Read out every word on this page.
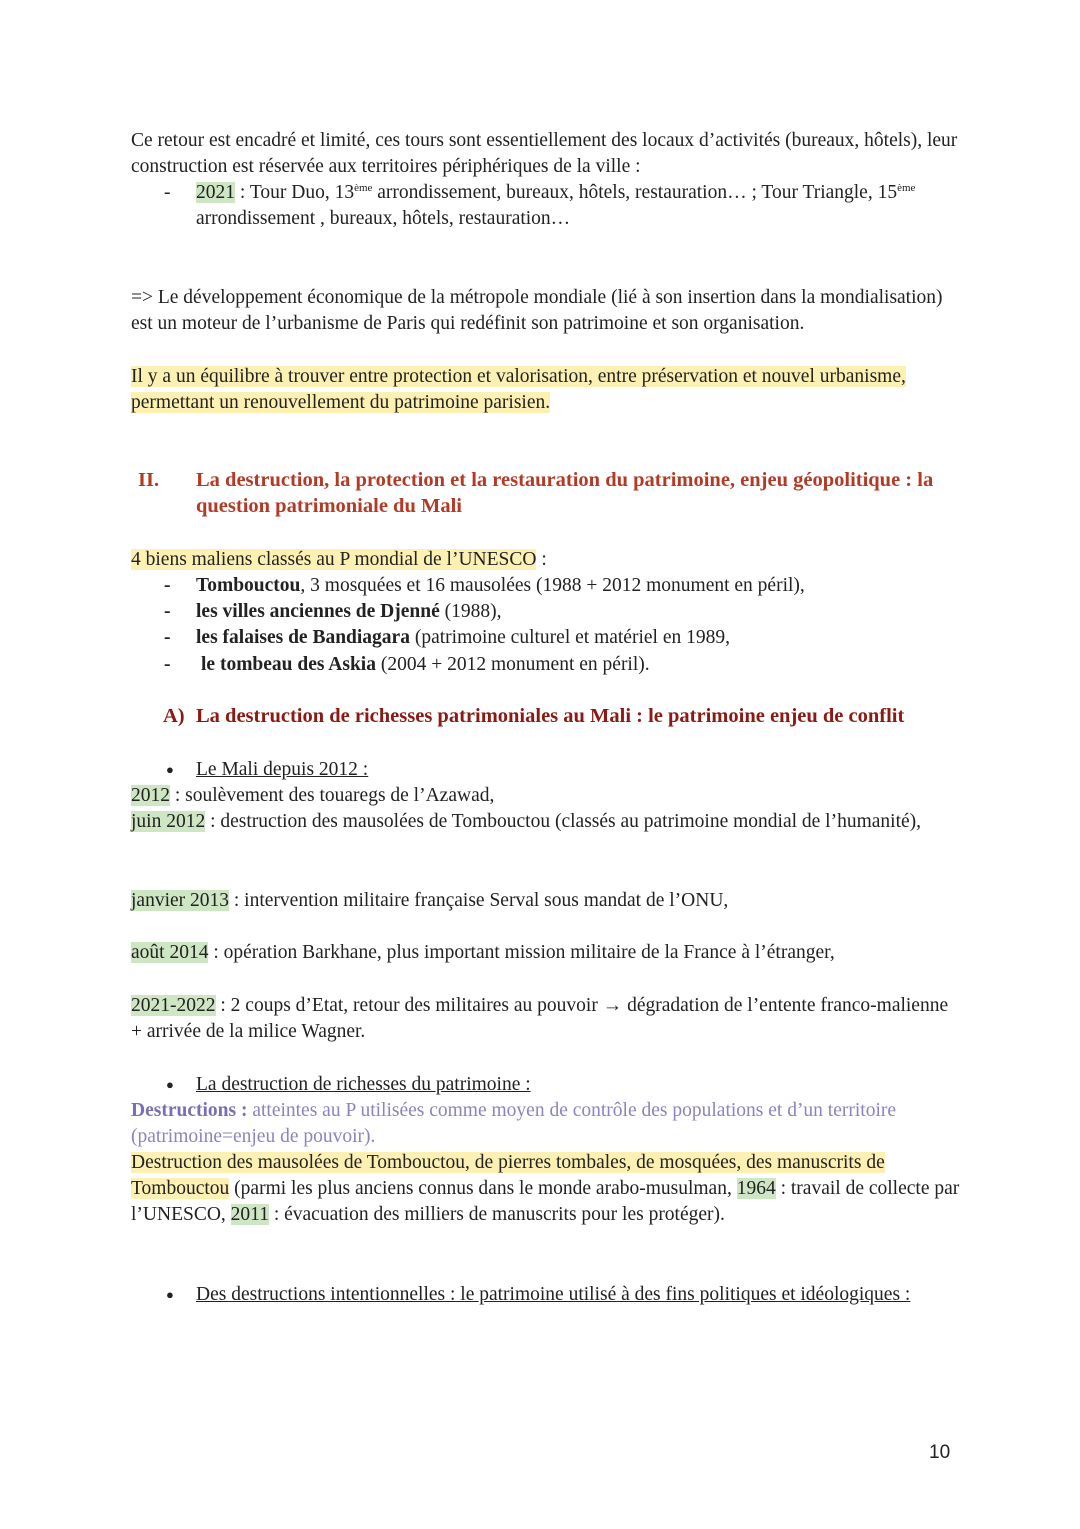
Ce retour est encadré et limité, ces tours sont essentiellement des locaux d’activités (bureaux, hôtels), leur construction est réservée aux territoires périphériques de la ville :

- 2021 : Tour Duo, 13ème arrondissement, bureaux, hôtels, restauration… ; Tour Triangle, 15ème arrondissement , bureaux, hôtels, restauration…

=> Le développement économique de la métropole mondiale (lié à son insertion dans la mondialisation) est un moteur de l’urbanisme de Paris qui redéfinit son patrimoine et son organisation.

Il y a un équilibre à trouver entre protection et valorisation, entre préservation et nouvel urbanisme, permettant un renouvellement du patrimoine parisien.

II.	La destruction, la protection et la restauration du patrimoine, enjeu géopolitique : la question patrimoniale du Mali

4 biens maliens classés au P mondial de l’UNESCO :

- Tombouctou, 3 mosquées et 16 mausolées (1988 + 2012 monument en péril),
- les villes anciennes de Djenné (1988),
- les falaises de Bandiagara (patrimoine culturel et matériel en 1989,
- le tombeau des Askia (2004 + 2012 monument en péril).
A) La destruction de richesses patrimoniales au Mali : le patrimoine enjeu de conflit

● Le Mali depuis 2012 :

2012 : soulèvement des touaregs de l’Azawad,

juin 2012 : destruction des mausolées de Tombouctou (classés au patrimoine mondial de l’humanité),

janvier 2013 : intervention militaire française Serval sous mandat de l’ONU,

août 2014 : opération Barkhane, plus important mission militaire de la France à l’étranger,

2021-2022 : 2 coups d’Etat, retour des militaires au pouvoir → dégradation de l’entente franco-malienne + arrivée de la milice Wagner.

● La destruction de richesses du patrimoine :

Destructions : atteintes au P utilisées comme moyen de contrôle des populations et d’un territoire (patrimoine=enjeu de pouvoir).

Destruction des mausolées de Tombouctou, de pierres tombales, de mosquées, des manuscrits de Tombouctou (parmi les plus anciens connus dans le monde arabo-musulman, 1964 : travail de collecte par l’UNESCO, 2011 : évacuation des milliers de manuscrits pour les protéger).

● Des destructions intentionnelles : le patrimoine utilisé à des fins politiques et idéologiques :

10
